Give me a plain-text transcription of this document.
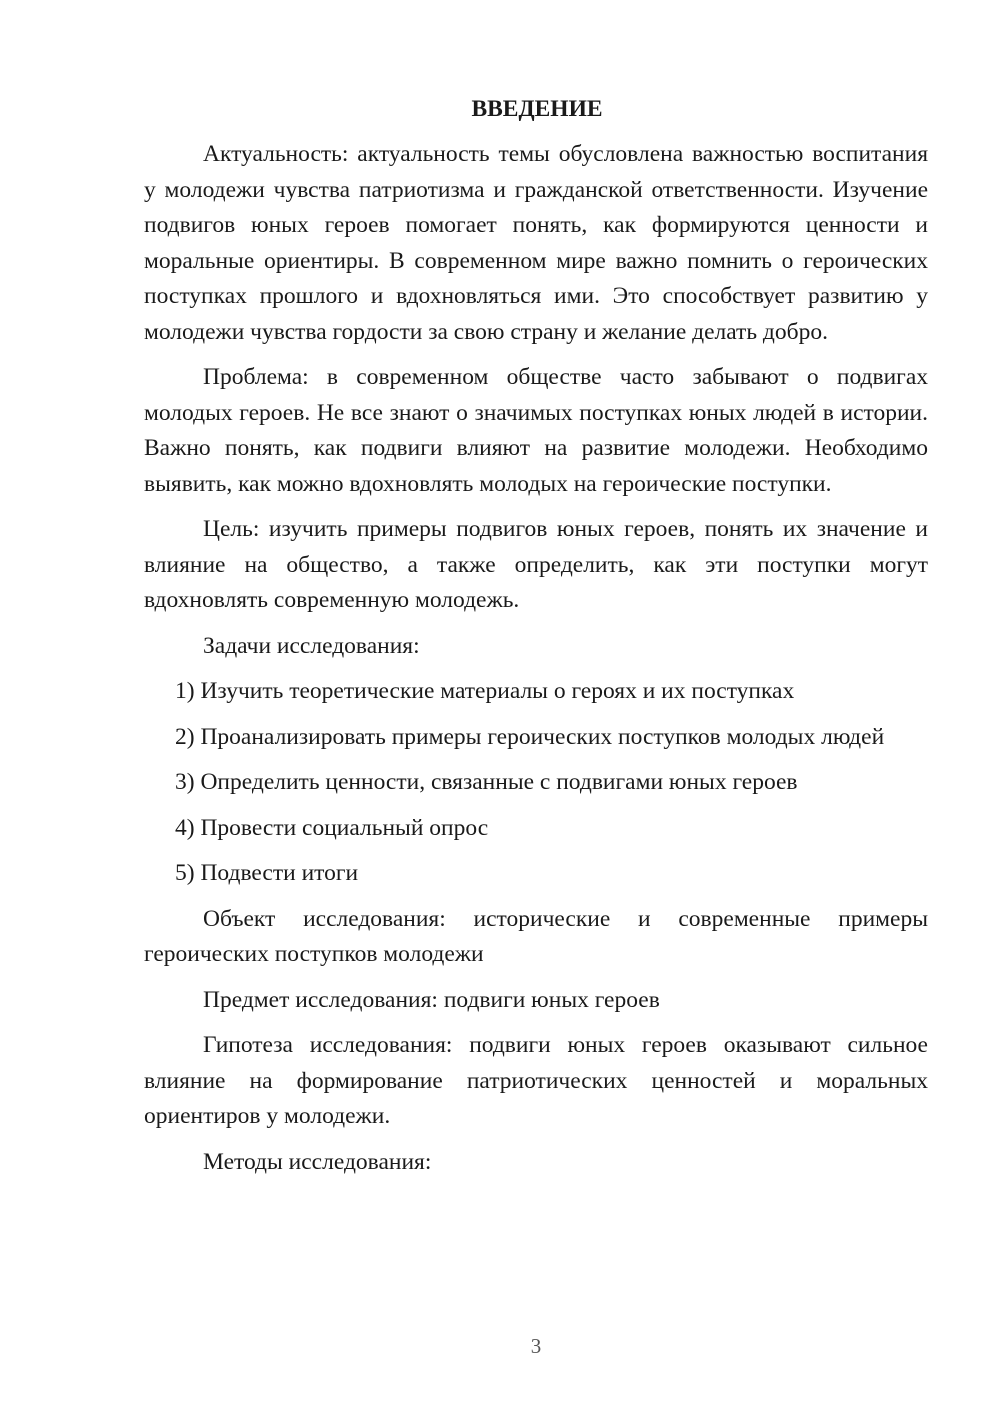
ВВЕДЕНИЕ

Актуальность: актуальность темы обусловлена важностью воспитания у молодежи чувства патриотизма и гражданской ответственности. Изучение подвигов юных героев помогает понять, как формируются ценности и моральные ориентиры. В современном мире важно помнить о героических поступках прошлого и вдохновляться ими. Это способствует развитию у молодежи чувства гордости за свою страну и желание делать добро.

Проблема: в современном обществе часто забывают о подвигах молодых героев. Не все знают о значимых поступках юных людей в истории. Важно понять, как подвиги влияют на развитие молодежи. Необходимо выявить, как можно вдохновлять молодых на героические поступки.

Цель: изучить примеры подвигов юных героев, понять их значение и влияние на общество, а также определить, как эти поступки могут вдохновлять современную молодежь.

Задачи исследования:

1) Изучить теоретические материалы о героях и их поступках

2) Проанализировать примеры героических поступков молодых людей

3) Определить ценности, связанные с подвигами юных героев

4) Провести социальный опрос

5) Подвести итоги

Объект исследования: исторические и современные примеры героических поступков молодежи

Предмет исследования: подвиги юных героев

Гипотеза исследования: подвиги юных героев оказывают сильное влияние на формирование патриотических ценностей и моральных ориентиров у молодежи.

Методы исследования:

3
